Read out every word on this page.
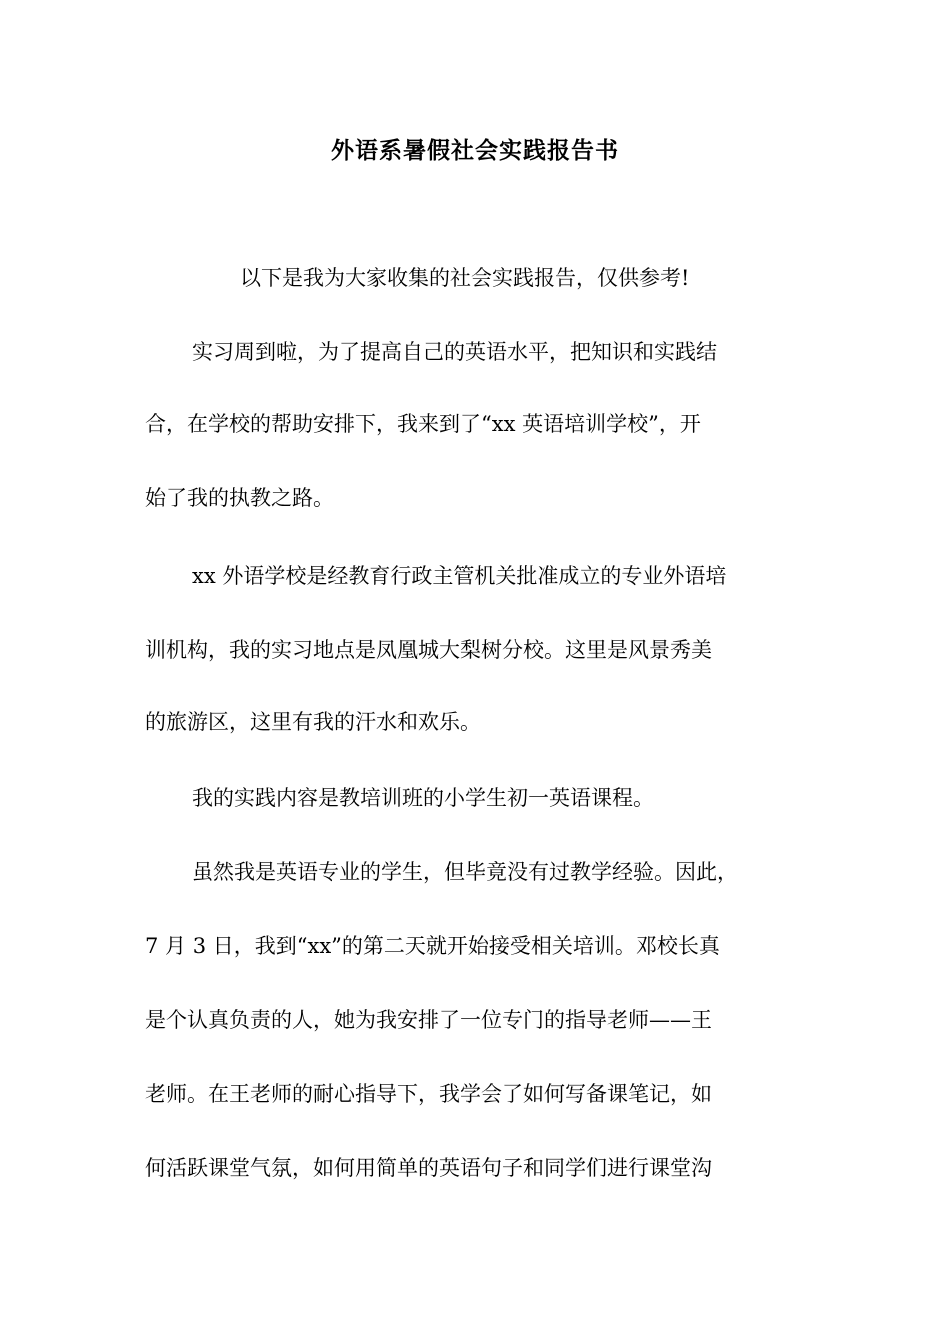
外语系暑假社会实践报告书
以下是我为大家收集的社会实践报告，仅供参考!
实习周到啦，为了提高自己的英语水平，把知识和实践结
合，在学校的帮助安排下，我来到了“xx 英语培训学校”，开
始了我的执教之路。
xx 外语学校是经教育行政主管机关批准成立的专业外语培
训机构，我的实习地点是凤凰城大梨树分校。这里是风景秀美
的旅游区，这里有我的汗水和欢乐。
我的实践内容是教培训班的小学生初一英语课程。
虽然我是英语专业的学生，但毕竟没有过教学经验。因此，
7 月 3 日，我到“xx”的第二天就开始接受相关培训。邓校长真
是个认真负责的人，她为我安排了一位专门的指导老师——王
老师。在王老师的耐心指导下，我学会了如何写备课笔记，如
何活跃课堂气氛，如何用简单的英语句子和同学们进行课堂沟
